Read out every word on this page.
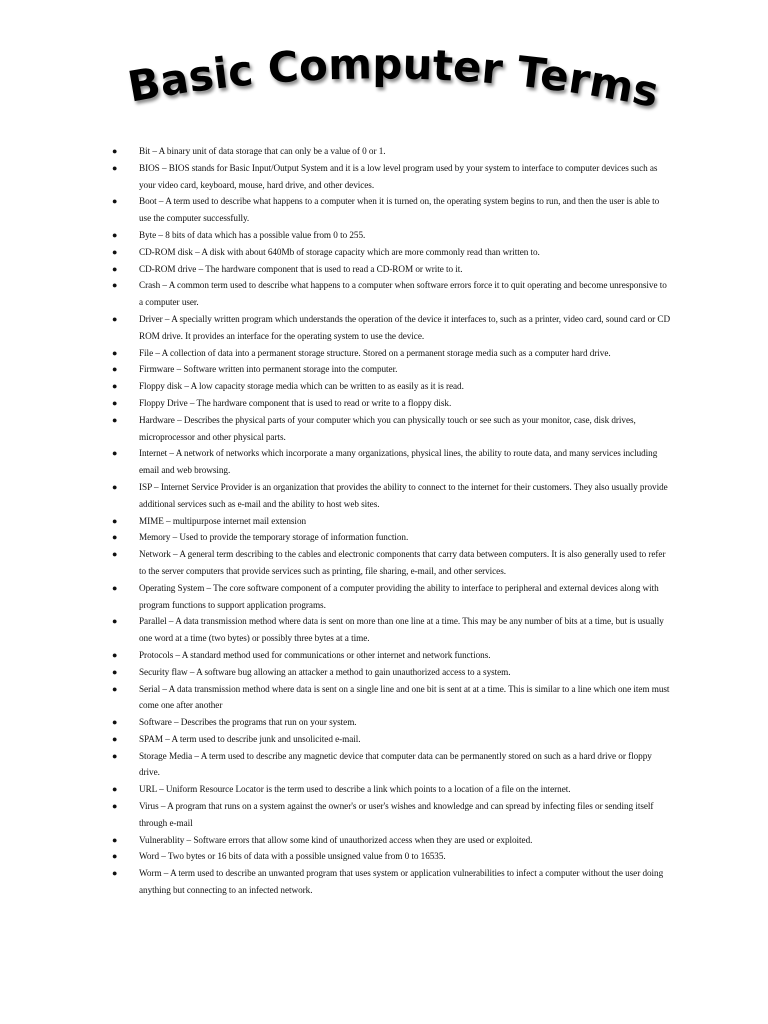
Basic Computer Terms
● Bit – A binary unit of data storage that can only be a value of 0 or 1.
● BIOS – BIOS stands for Basic Input/Output System and it is a low level program used by your system to interface to computer devices such as your video card, keyboard, mouse, hard drive, and other devices.
● Boot – A term used to describe what happens to a computer when it is turned on, the operating system begins to run, and then the user is able to use the computer successfully.
● Byte – 8 bits of data which has a possible value from 0 to 255.
● CD-ROM disk – A disk with about 640Mb of storage capacity which are more commonly read than written to.
● CD-ROM drive – The hardware component that is used to read a CD-ROM or write to it.
● Crash – A common term used to describe what happens to a computer when software errors force it to quit operating and become unresponsive to a computer user.
● Driver – A specially written program which understands the operation of the device it interfaces to, such as a printer, video card, sound card or CD ROM drive. It provides an interface for the operating system to use the device.
● File – A collection of data into a permanent storage structure. Stored on a permanent storage media such as a computer hard drive.
● Firmware – Software written into permanent storage into the computer.
● Floppy disk – A low capacity storage media which can be written to as easily as it is read.
● Floppy Drive – The hardware component that is used to read or write to a floppy disk.
● Hardware – Describes the physical parts of your computer which you can physically touch or see such as your monitor, case, disk drives, microprocessor and other physical parts.
● Internet – A network of networks which incorporate a many organizations, physical lines, the ability to route data, and many services including email and web browsing.
● ISP – Internet Service Provider is an organization that provides the ability to connect to the internet for their customers. They also usually provide additional services such as e-mail and the ability to host web sites.
● MIME – multipurpose internet mail extension
● Memory – Used to provide the temporary storage of information function.
● Network – A general term describing to the cables and electronic components that carry data between computers. It is also generally used to refer to the server computers that provide services such as printing, file sharing, e-mail, and other services.
● Operating System – The core software component of a computer providing the ability to interface to peripheral and external devices along with program functions to support application programs.
● Parallel – A data transmission method where data is sent on more than one line at a time. This may be any number of bits at a time, but is usually one word at a time (two bytes) or possibly three bytes at a time.
● Protocols – A standard method used for communications or other internet and network functions.
● Security flaw – A software bug allowing an attacker a method to gain unauthorized access to a system.
● Serial – A data transmission method where data is sent on a single line and one bit is sent at at a time. This is similar to a line which one item must come one after another
● Software – Describes the programs that run on your system.
● SPAM – A term used to describe junk and unsolicited e-mail.
● Storage Media – A term used to describe any magnetic device that computer data can be permanently stored on such as a hard drive or floppy drive.
● URL – Uniform Resource Locator is the term used to describe a link which points to a location of a file on the internet.
● Virus – A program that runs on a system against the owner's or user's wishes and knowledge and can spread by infecting files or sending itself through e-mail
● Vulnerablity – Software errors that allow some kind of unauthorized access when they are used or exploited.
● Word – Two bytes or 16 bits of data with a possible unsigned value from 0 to 16535.
● Worm – A term used to describe an unwanted program that uses system or application vulnerabilities to infect a computer without the user doing anything but connecting to an infected network.
